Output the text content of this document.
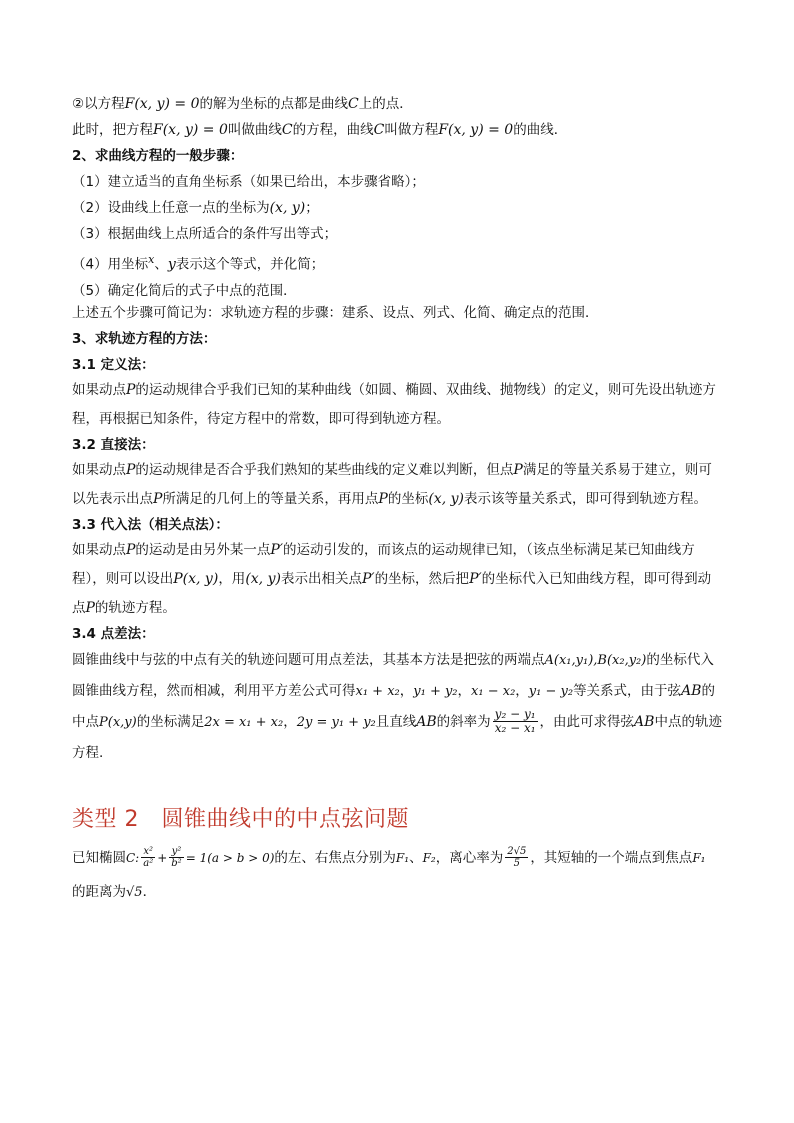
②以方程F(x, y) = 0的解为坐标的点都是曲线C上的点．

此时，把方程F(x, y) = 0叫做曲线C的方程，曲线C叫做方程F(x, y) = 0的曲线．

2、求曲线方程的一般步骤：

（1）建立适当的直角坐标系（如果已给出，本步骤省略）；

（2）设曲线上任意一点的坐标为(x, y)；

（3）根据曲线上点所适合的条件写出等式；

（4）用坐标$^x$、y表示这个等式，并化简；

（5）确定化简后的式子中点的范围．

上述五个步骤可简记为：求轨迹方程的步骤：建系、设点、列式、化简、确定点的范围．

3、求轨迹方程的方法：

3.1 定义法：

如果动点P的运动规律合乎我们已知的某种曲线（如圆、椭圆、双曲线、抛物线）的定义，则可先设出轨迹方程，再根据已知条件，待定方程中的常数，即可得到轨迹方程。

3.2 直接法：

如果动点P的运动规律是否合乎我们熟知的某些曲线的定义难以判断，但点P满足的等量关系易于建立，则可以先表示出点P所满足的几何上的等量关系，再用点P的坐标(x, y)表示该等量关系式，即可得到轨迹方程。

3.3 代入法（相关点法）：

如果动点P的运动是由另外某一点P′的运动引发的，而该点的运动规律已知，（该点坐标满足某已知曲线方程），则可以设出P(x, y)，用(x, y)表示出相关点P′的坐标，然后把P′的坐标代入已知曲线方程，即可得到动点P的轨迹方程。

3.4 点差法：

圆锥曲线中与弦的中点有关的轨迹问题可用点差法，其基本方法是把弦的两端点A(x₁,y₁),B(x₂,y₂)的坐标代入圆锥曲线方程，然而相减，利用平方差公式可得x₁ + x₂，y₁ + y₂，x₁ − x₂，y₁ − y₂等关系式，由于弦AB的中点P(x,y)的坐标满足2x = x₁ + x₂，2y = y₁ + y₂且直线AB的斜率为 $\frac{\text{y₂ − y₁}}{\text{x₂ − x₁}}$ ，由此可求得弦AB中点的轨迹方程.

类型 2　圆锥曲线中的中点弦问题

已知椭圆C: $\frac{\text{x²}}{\text{a²}} + \frac{\text{y²}}{\text{b²}} = 1(a > b > 0)$的左、右焦点分别为F₁、F₂，离心率为 $\frac{2√5}{5}$ ，其短轴的一个端点到焦点F₁
的距离为√5．
